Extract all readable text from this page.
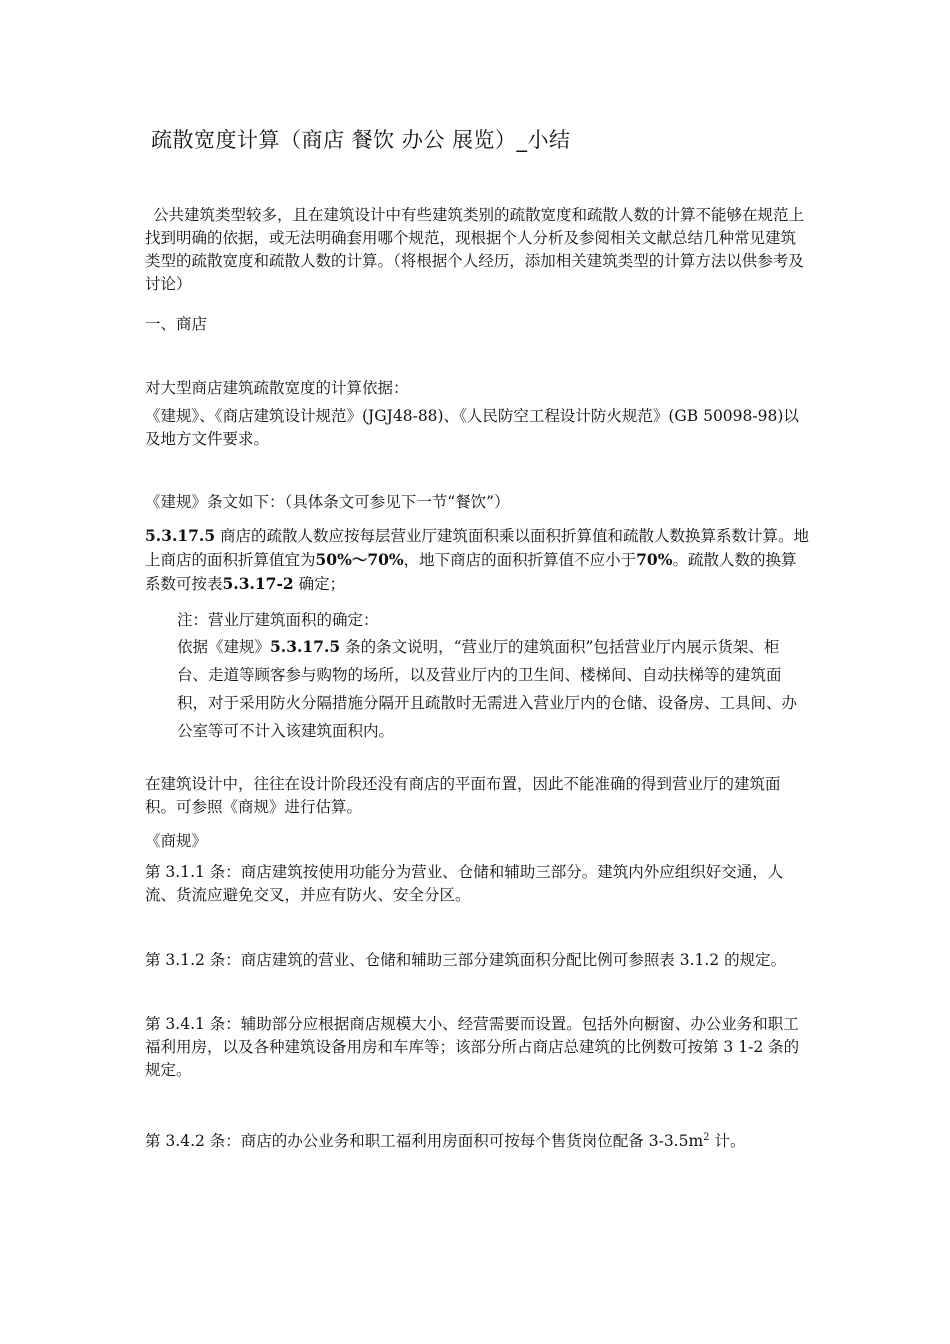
疏散宽度计算（商店 餐饮 办公 展览）_小结

公共建筑类型较多，且在建筑设计中有些建筑类别的疏散宽度和疏散人数的计算不能够在规范上找到明确的依据，或无法明确套用哪个规范，现根据个人分析及参阅相关文献总结几种常见建筑类型的疏散宽度和疏散人数的计算。（将根据个人经历，添加相关建筑类型的计算方法以供参考及讨论）

一、商店

对大型商店建筑疏散宽度的计算依据：

《建规》、《商店建筑设计规范》(JGJ48-88)、《人民防空工程设计防火规范》(GB 50098-98)以及地方文件要求。

《建规》条文如下：（具体条文可参见下一节“餐饮”）

5.3.17.5 商店的疏散人数应按每层营业厅建筑面积乘以面积折算值和疏散人数换算系数计算。地上商店的面积折算值宜为50%～70%，地下商店的面积折算值不应小于70%。疏散人数的换算系数可按表5.3.17-2 确定；

注：营业厅建筑面积的确定：

依据《建规》5.3.17.5 条的条文说明，“营业厅的建筑面积”包括营业厅内展示货架、柜台、走道等顾客参与购物的场所，以及营业厅内的卫生间、楼梯间、自动扶梯等的建筑面积，对于采用防火分隔措施分隔开且疏散时无需进入营业厅内的仓储、设备房、工具间、办公室等可不计入该建筑面积内。

在建筑设计中，往往在设计阶段还没有商店的平面布置，因此不能准确的得到营业厅的建筑面积。可参照《商规》进行估算。

《商规》

第 3.1.1 条：商店建筑按使用功能分为营业、仓储和辅助三部分。建筑内外应组织好交通，人流、货流应避免交叉，并应有防火、安全分区。

第 3.1.2 条：商店建筑的营业、仓储和辅助三部分建筑面积分配比例可参照表 3.1.2 的规定。

第 3.4.1 条：辅助部分应根据商店规模大小、经营需要而设置。包括外向橱窗、办公业务和职工福利用房，以及各种建筑设备用房和车库等；该部分所占商店总建筑的比例数可按第 3 1-2 条的规定。

第 3.4.2 条：商店的办公业务和职工福利用房面积可按每个售货岗位配备 $3-3.5m^2$ 计。
